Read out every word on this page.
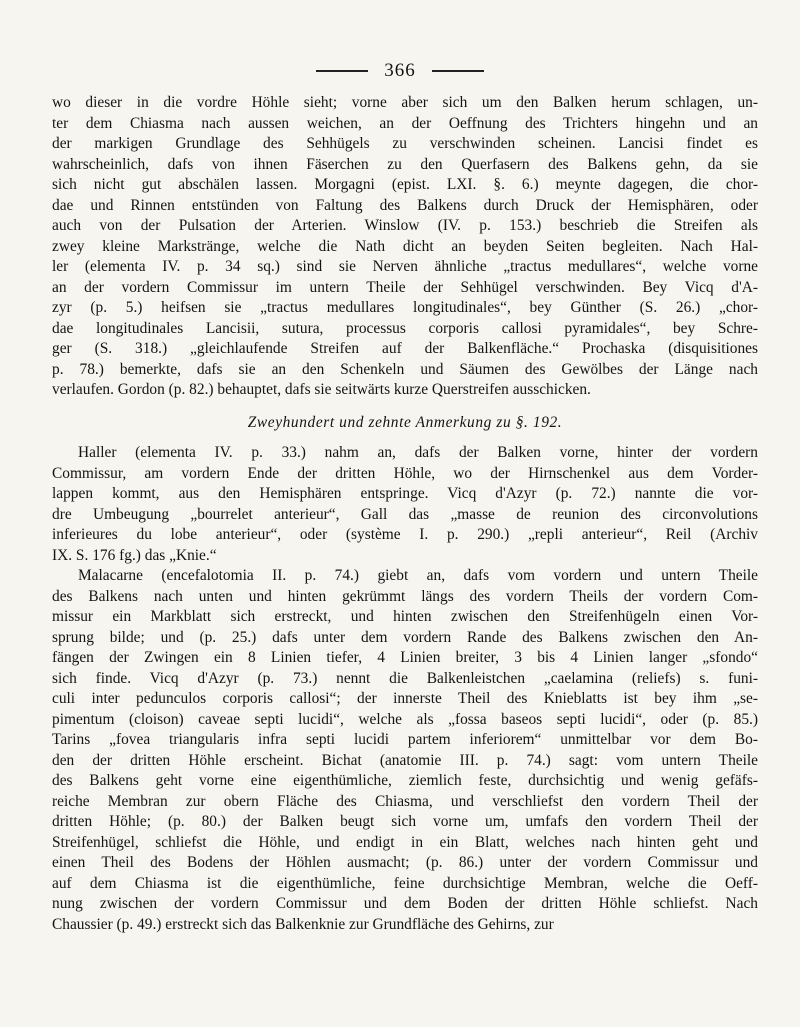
366
wo dieser in die vordre Höhle sieht; vorne aber sich um den Balken herum schlagen, un-
ter dem Chiasma nach aussen weichen, an der Oeffnung des Trichters hingehn und an
der markigen Grundlage des Sehhügels zu verschwinden scheinen. Lancisi findet es
wahrscheinlich, dafs von ihnen Fäserchen zu den Querfasern des Balkens gehn, da sie
sich nicht gut abschälen lassen. Morgagni (epist. LXI. §. 6.) meynte dagegen, die chor-
dae und Rinnen entstünden von Faltung des Balkens durch Druck der Hemisphären, oder
auch von der Pulsation der Arterien. Winslow (IV. p. 153.) beschrieb die Streifen als
zwey kleine Markstränge, welche die Nath dicht an beyden Seiten begleiten. Nach Hal-
ler (elementa IV. p. 34 sq.) sind sie Nerven ähnliche „tractus medullares“, welche vorne
an der vordern Commissur im untern Theile der Sehhügel verschwinden. Bey Vicq d'A-
zyr (p. 5.) heifsen sie „tractus medullares longitudinales“, bey Günther (S. 26.) „chor-
dae longitudinales Lancisii, sutura, processus corporis callosi pyramidales“, bey Schre-
ger (S. 318.) „gleichlaufende Streifen auf der Balkenfläche.“ Prochaska (disquisitiones
p. 78.) bemerkte, dafs sie an den Schenkeln und Säumen des Gewölbes der Länge nach
verlaufen. Gordon (p. 82.) behauptet, dafs sie seitwärts kurze Querstreifen ausschicken.
Zweyhundert und zehnte Anmerkung zu §. 192.
Haller (elementa IV. p. 33.) nahm an, dafs der Balken vorne, hinter der vordern
Commissur, am vordern Ende der dritten Höhle, wo der Hirnschenkel aus dem Vorder-
lappen kommt, aus den Hemisphären entspringe. Vicq d'Azyr (p. 72.) nannte die vor-
dre Umbeugung „bourrelet anterieur“, Gall das „masse de reunion des circonvolutions
inferieures du lobe anterieur“, oder (système I. p. 290.) „repli anterieur“, Reil (Archiv
IX. S. 176 fg.) das „Knie.“
Malacarne (encefalotomia II. p. 74.) giebt an, dafs vom vordern und untern Theile
des Balkens nach unten und hinten gekrümmt längs des vordern Theils der vordern Com-
missur ein Markblatt sich erstreckt, und hinten zwischen den Streifenhügeln einen Vor-
sprung bilde; und (p. 25.) dafs unter dem vordern Rande des Balkens zwischen den An-
fängen der Zwingen ein 8 Linien tiefer, 4 Linien breiter, 3 bis 4 Linien langer „sfondo“
sich finde. Vicq d'Azyr (p. 73.) nennt die Balkenleistchen „caelamina (reliefs) s. funi-
culi inter pedunculos corporis callosi“; der innerste Theil des Knieblatts ist bey ihm „se-
pimentum (cloison) caveae septi lucidi“, welche als „fossa baseos septi lucidi“, oder (p. 85.)
Tarins „fovea triangularis infra septi lucidi partem inferiorem“ unmittelbar vor dem Bo-
den der dritten Höhle erscheint. Bichat (anatomie III. p. 74.) sagt: vom untern Theile
des Balkens geht vorne eine eigenthümliche, ziemlich feste, durchsichtig und wenig gefäfs-
reiche Membran zur obern Fläche des Chiasma, und verschliefst den vordern Theil der
dritten Höhle; (p. 80.) der Balken beugt sich vorne um, umfafs den vordern Theil der
Streifenhügel, schliefst die Höhle, und endigt in ein Blatt, welches nach hinten geht und
einen Theil des Bodens der Höhlen ausmacht; (p. 86.) unter der vordern Commissur und
auf dem Chiasma ist die eigenthümliche, feine durchsichtige Membran, welche die Oeff-
nung zwischen der vordern Commissur und dem Boden der dritten Höhle schliefst. Nach
Chaussier (p. 49.) erstreckt sich das Balkenknie zur Grundfläche des Gehirns, zur
